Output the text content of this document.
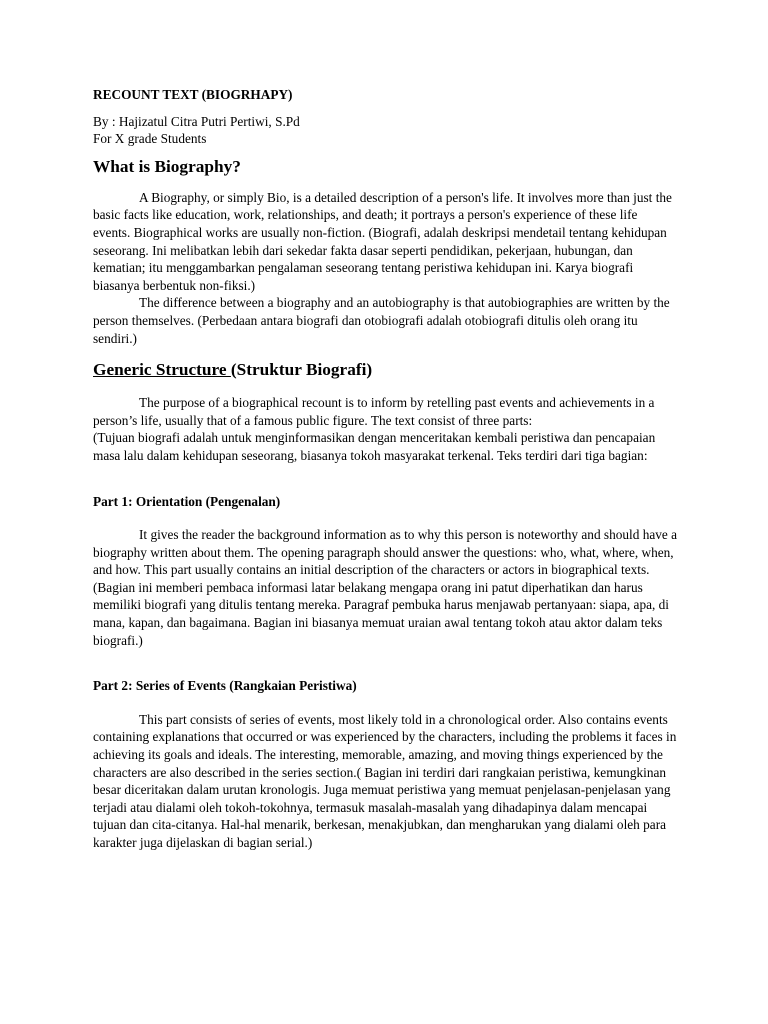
RECOUNT TEXT (BIOGRHAPY)

By : Hajizatul Citra Putri Pertiwi, S.Pd

For X grade Students

What is Biography?

A Biography, or simply Bio, is a detailed description of a person's life. It involves more than just the basic facts like education, work, relationships, and death; it portrays a person's experience of these life events. Biographical works are usually non-fiction. (Biografi, adalah deskripsi mendetail tentang kehidupan seseorang. Ini melibatkan lebih dari sekedar fakta dasar seperti pendidikan, pekerjaan, hubungan, dan kematian; itu menggambarkan pengalaman seseorang tentang peristiwa kehidupan ini. Karya biografi biasanya berbentuk non-fiksi.)

The difference between a biography and an autobiography is that autobiographies are written by the person themselves. (Perbedaan antara biografi dan otobiografi adalah otobiografi ditulis oleh orang itu sendiri.)

Generic Structure (Struktur Biografi)

The purpose of a biographical recount is to inform by retelling past events and achievements in a person’s life, usually that of a famous public figure. The text consist of three parts:

(Tujuan biografi adalah untuk menginformasikan dengan menceritakan kembali peristiwa dan pencapaian masa lalu dalam kehidupan seseorang, biasanya tokoh masyarakat terkenal. Teks terdiri dari tiga bagian:

Part 1: Orientation (Pengenalan)

It gives the reader the background information as to why this person is noteworthy and should have a biography written about them. The opening paragraph should answer the questions: who, what, where, when, and how. This part usually contains an initial description of the characters or actors in biographical texts. (Bagian ini memberi pembaca informasi latar belakang mengapa orang ini patut diperhatikan dan harus memiliki biografi yang ditulis tentang mereka. Paragraf pembuka harus menjawab pertanyaan: siapa, apa, di mana, kapan, dan bagaimana. Bagian ini biasanya memuat uraian awal tentang tokoh atau aktor dalam teks biografi.)

Part 2: Series of Events (Rangkaian Peristiwa)

This part consists of series of events, most likely told in a chronological order. Also contains events containing explanations that occurred or was experienced by the characters, including the problems it faces in achieving its goals and ideals. The interesting, memorable, amazing, and moving things experienced by the characters are also described in the series section.( Bagian ini terdiri dari rangkaian peristiwa, kemungkinan besar diceritakan dalam urutan kronologis. Juga memuat peristiwa yang memuat penjelasan-penjelasan yang terjadi atau dialami oleh tokoh-tokohnya, termasuk masalah-masalah yang dihadapinya dalam mencapai tujuan dan cita-citanya. Hal-hal menarik, berkesan, menakjubkan, dan mengharukan yang dialami oleh para karakter juga dijelaskan di bagian serial.)
